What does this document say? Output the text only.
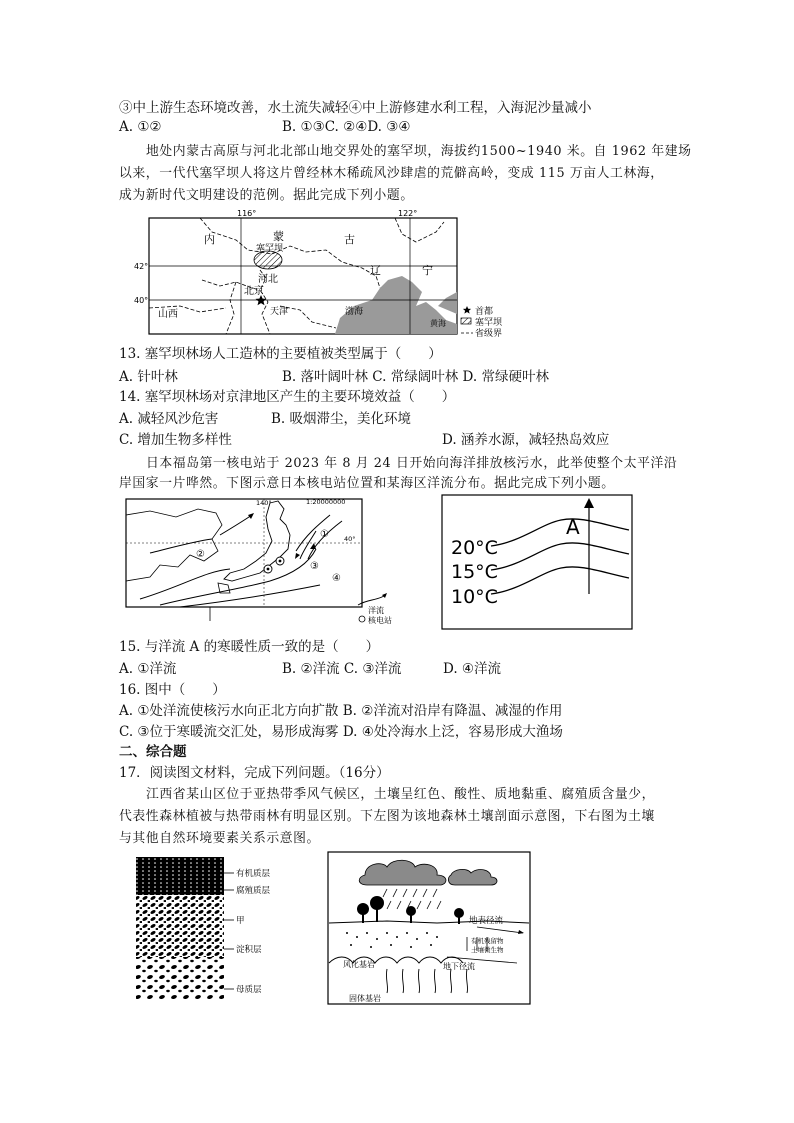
③中上游生态环境改善，水土流失减轻④中上游修建水利工程，入海泥沙量减小
A. ①②	B. ①③C. ②④D. ③④
地处内蒙古高原与河北北部山地交界处的塞罕坝，海拔约1500~1940 米。自 1962 年建场
以来，一代代塞罕坝人将这片曾经林木稀疏风沙肆虐的荒僻高岭，变成 115 万亩人工林海，
成为新时代文明建设的范例。据此完成下列小题。
116°	122°
42°
40°
内	蒙	古
塞罕坝
河北
北京
辽	宁
山西	天津	渤海
黄海
首都
塞罕坝
省级界
13. 塞罕坝林场人工造林的主要植被类型属于（　　）
A. 针叶林	B. 落叶阔叶林 C. 常绿阔叶林 D. 常绿硬叶林
14. 塞罕坝林场对京津地区产生的主要环境效益（　　）
A. 减轻风沙危害	B. 吸烟滞尘，美化环境
C. 增加生物多样性	D. 涵养水源，减轻热岛效应
日本福岛第一核电站于 2023 年 8 月 24 日开始向海洋排放核污水，此举使整个太平洋沿
岸国家一片哗然。下图示意日本核电站位置和某海区洋流分布。据此完成下列小题。
②
①
③
④
1:20000000
140°
40°
洋流
核电站
A
20°C
15°C
10°C
15. 与洋流 A 的寒暖性质一致的是（　　）
A. ①洋流	B. ②洋流 C. ③洋流	D. ④洋流
16. 图中（　　）
A. ①处洋流使核污水向正北方向扩散 B. ②洋流对沿岸有降温、减湿的作用
C. ③位于寒暖流交汇处，易形成海雾 D. ④处冷海水上泛，容易形成大渔场
二、综合题
17．阅读图文材料，完成下列问题。（16分）
江西省某山区位于亚热带季风气候区，土壤呈红色、酸性、质地黏重、腐殖质含量少，
代表性森林植被与热带雨林有明显区别。下左图为该地森林土壤剖面示意图，下右图为土壤
与其他自然环境要素关系示意图。
有机质层
腐殖质层
甲
淀积层
母质层
地表径流
有机残留物
土壤微生物
风化基岩	地下径流
固体基岩
